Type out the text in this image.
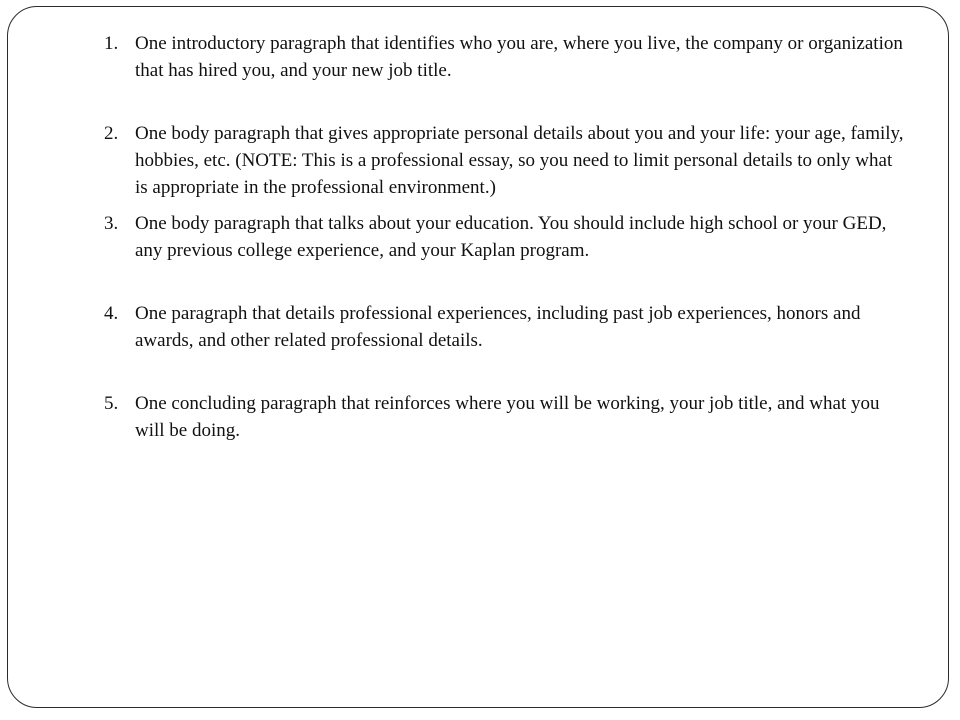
1. One introductory paragraph that identifies who you are, where you live, the company or organization that has hired you, and your new job title.
2. One body paragraph that gives appropriate personal details about you and your life: your age, family, hobbies, etc. (NOTE: This is a professional essay, so you need to limit personal details to only what is appropriate in the professional environment.)
3. One body paragraph that talks about your education. You should include high school or your GED, any previous college experience, and your Kaplan program.
4. One paragraph that details professional experiences, including past job experiences, honors and awards, and other related professional details.
5. One concluding paragraph that reinforces where you will be working, your job title, and what you will be doing.
